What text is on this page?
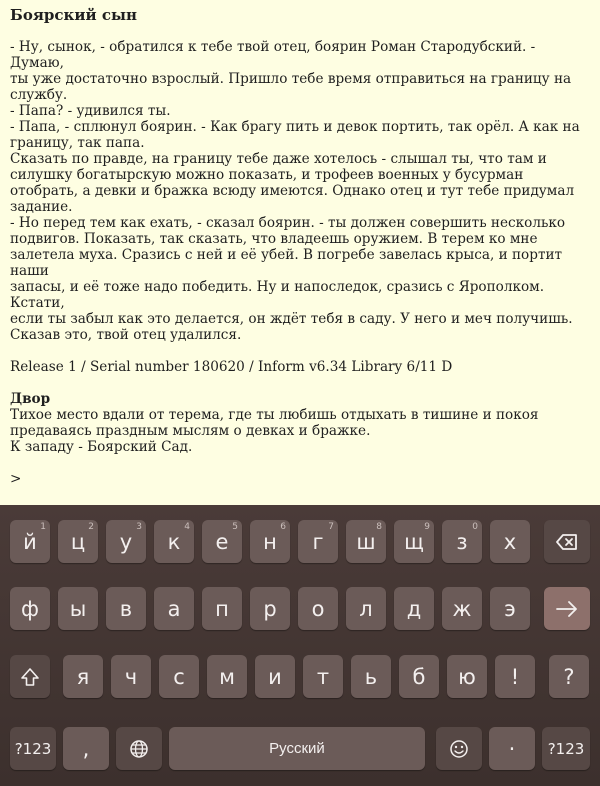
Боярский сын

- Ну, сынок, - обратился к тебе твой отец, боярин Роман Стародубский. - Думаю,

ты уже достаточно взрослый. Пришло тебе время отправиться на границу на

службу.

- Папа? - удивился ты.

- Папа, - сплюнул боярин. - Как брагу пить и девок портить, так орёл. А как на

границу, так папа.

Сказать по правде, на границу тебе даже хотелось - слышал ты, что там и

силушку богатырскую можно показать, и трофеев военных у бусурман

отобрать, а девки и бражка всюду имеются. Однако отец и тут тебе придумал

задание.

- Но перед тем как ехать, - сказал боярин. - ты должен совершить несколько

подвигов. Показать, так сказать, что владеешь оружием. В терем ко мне

залетела муха. Сразись с ней и её убей. В погребе завелась крыса, и портит наши

запасы, и её тоже надо победить. Ну и напоследок, сразись с Ярополком. Кстати,

если ты забыл как это делается, он ждёт тебя в саду. У него и меч получишь.

Сказав это, твой отец удалился.

Release 1 / Serial number 180620 / Inform v6.34 Library 6/11 D

Двор

Тихое место вдали от терема, где ты любишь отдыхать в тишине и покоя

предаваясь праздным мыслям о девках и бражке.

К западу - Боярский Сад.

>

1
й
2
ц
3
у
4
к
5
е
6
н
7
г
8
ш
9
щ
0
з х
ф ы в а п р о л д ж э
я ч с м и т ь б ю ! ?
?123 ,	Русский	· ?123
